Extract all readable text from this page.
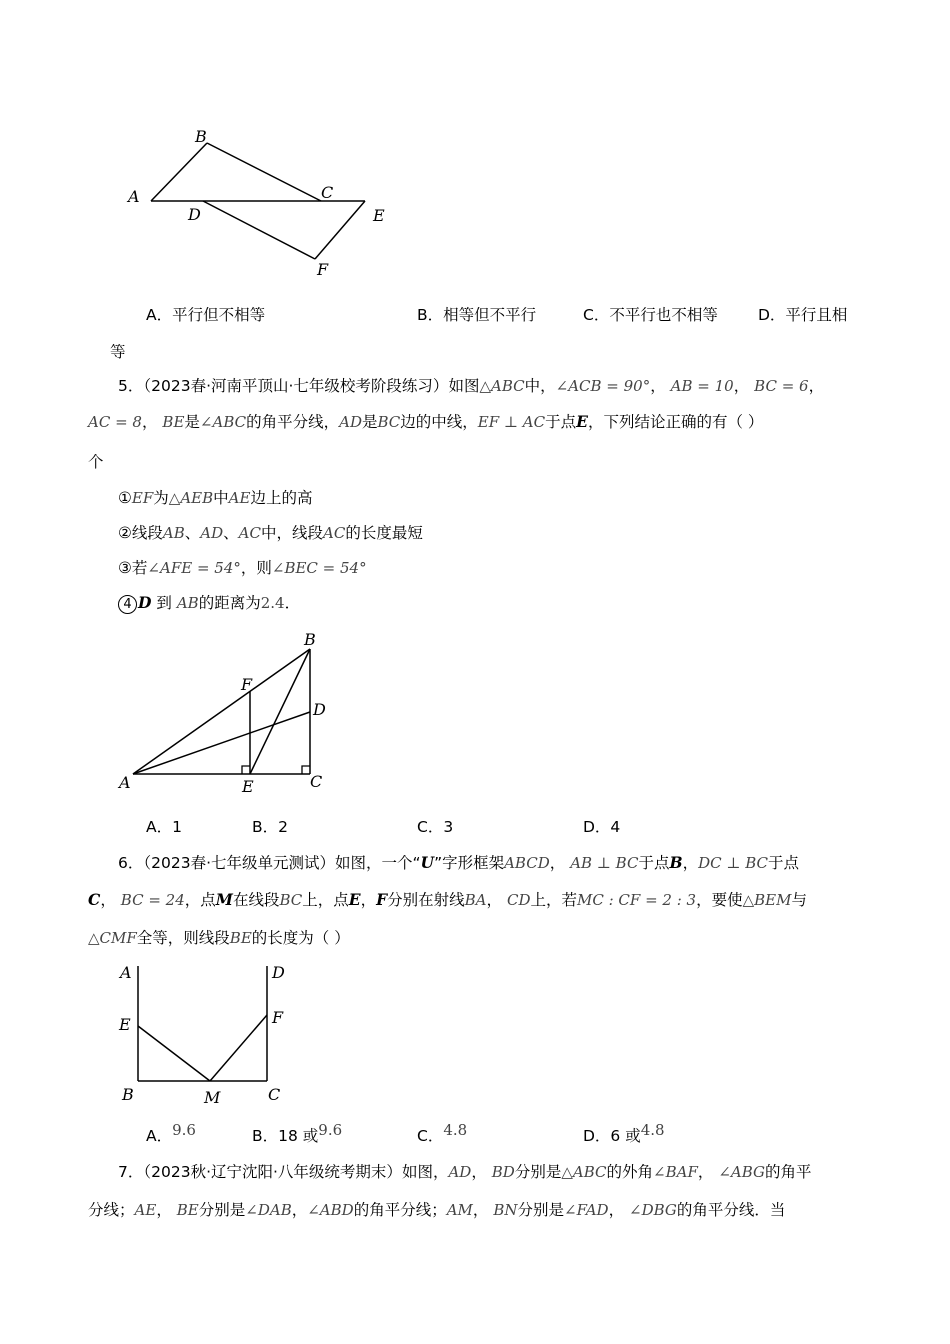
B
A	C
D	E
F
A．平行但不相等	B．相等但不平行	C．不平行也不相等	D．平行且相
等
5．（2023春·河南平顶山·七年级校考阶段练习）如图△ABC中，∠ACB = 90°， AB = 10， BC = 6，
AC = 8， BE是∠ABC的角平分线，AD是BC边的中线，EF ⊥ AC于点E，下列结论正确的有（ ）
个
①EF为△AEB中AE边上的高
②线段AB、AD、AC中，线段AC的长度最短
③若∠AFE = 54°，则∠BEC = 54°
4 D 到 AB的距离为2.4．
B
F
D
A	E	C
A．1	B．2	C．3	D．4
6．（2023春·七年级单元测试）如图，一个“U”字形框架ABCD， AB ⊥ BC于点B，DC ⊥ BC于点
C， BC = 24，点M在线段BC上，点E，F分别在射线BA， CD上，若MC : CF = 2 : 3，要使△BEM与
△CMF全等，则线段BE的长度为（ ）
A	D
E	F
B	M	C
A．9.6	B．18 或9.6	C．4.8	D．6 或4.8
7．（2023秋·辽宁沈阳·八年级统考期末）如图，AD， BD分别是△ABC的外角∠BAF， ∠ABG的角平
分线；AE， BE分别是∠DAB，∠ABD的角平分线；AM， BN分别是∠FAD， ∠DBG的角平分线．当
